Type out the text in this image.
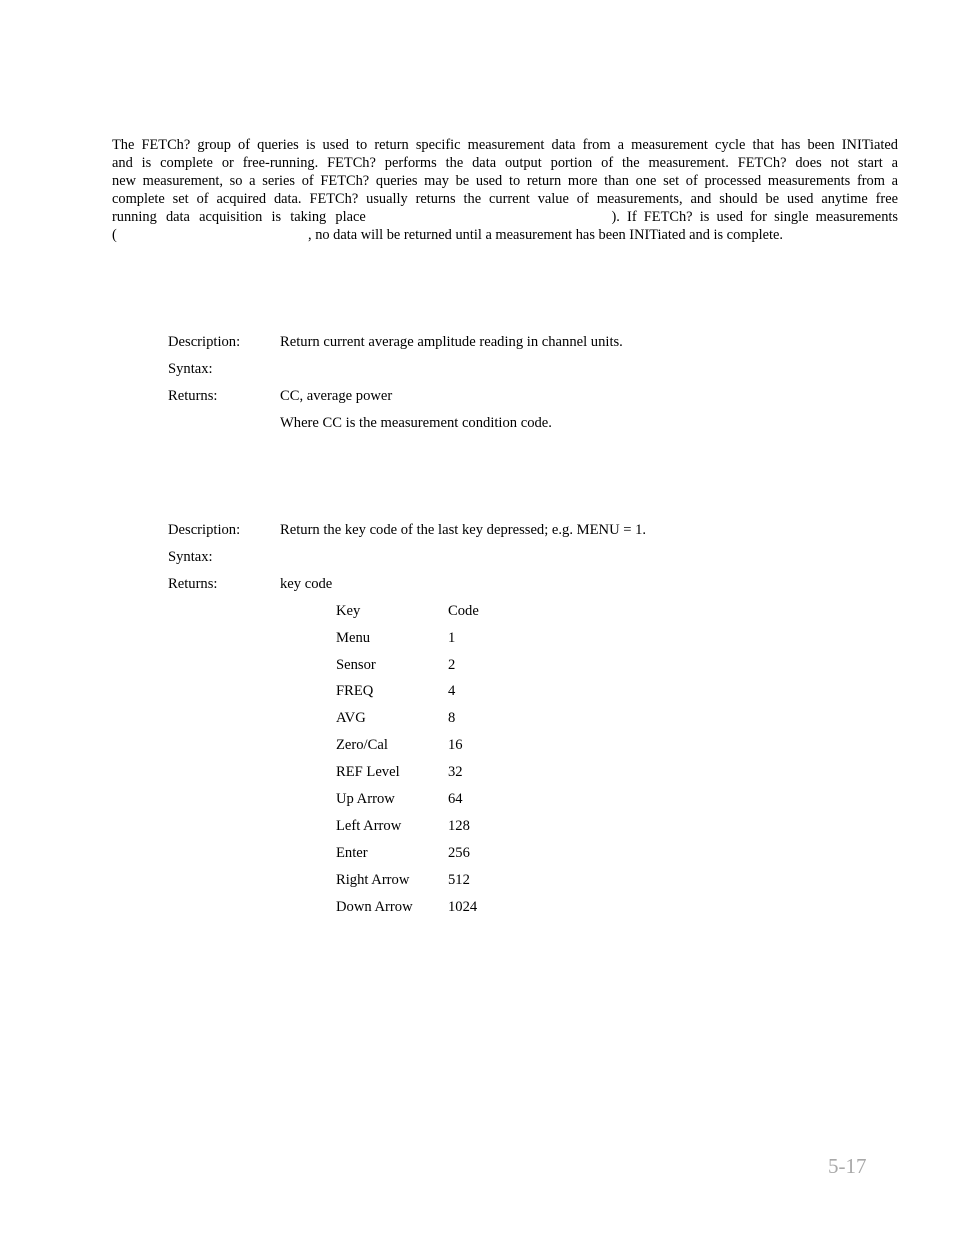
The FETCh? group of queries is used to return specific measurement data from a measurement cycle that has been INITiated
and is complete or free-running. FETCh? performs the data output portion of the measurement. FETCh? does not start a
new measurement, so a series of FETCh? queries may be used to return more than one set of processed measurements from a
complete set of acquired data. FETCh? usually returns the current value of measurements, and should be used anytime free
running  data  acquisition  is  taking  place	).  If  FETCh?  is  used  for  single  measurements
(	, no data will be returned until a measurement has been INITiated and is complete.
Description:	Return current average amplitude reading in channel units.
Syntax:
Returns:	CC, average power
Where CC is the measurement condition code.
Description:	Return the key code of the last key depressed; e.g. MENU = 1.
Syntax:
Returns:	key code
Key	Code
Menu	1
Sensor	2
FREQ	4
AVG	8
Zero/Cal	16
REF Level	32
Up Arrow	64
Left Arrow	128
Enter	256
Right Arrow	512
Down Arrow 1024
5-17
